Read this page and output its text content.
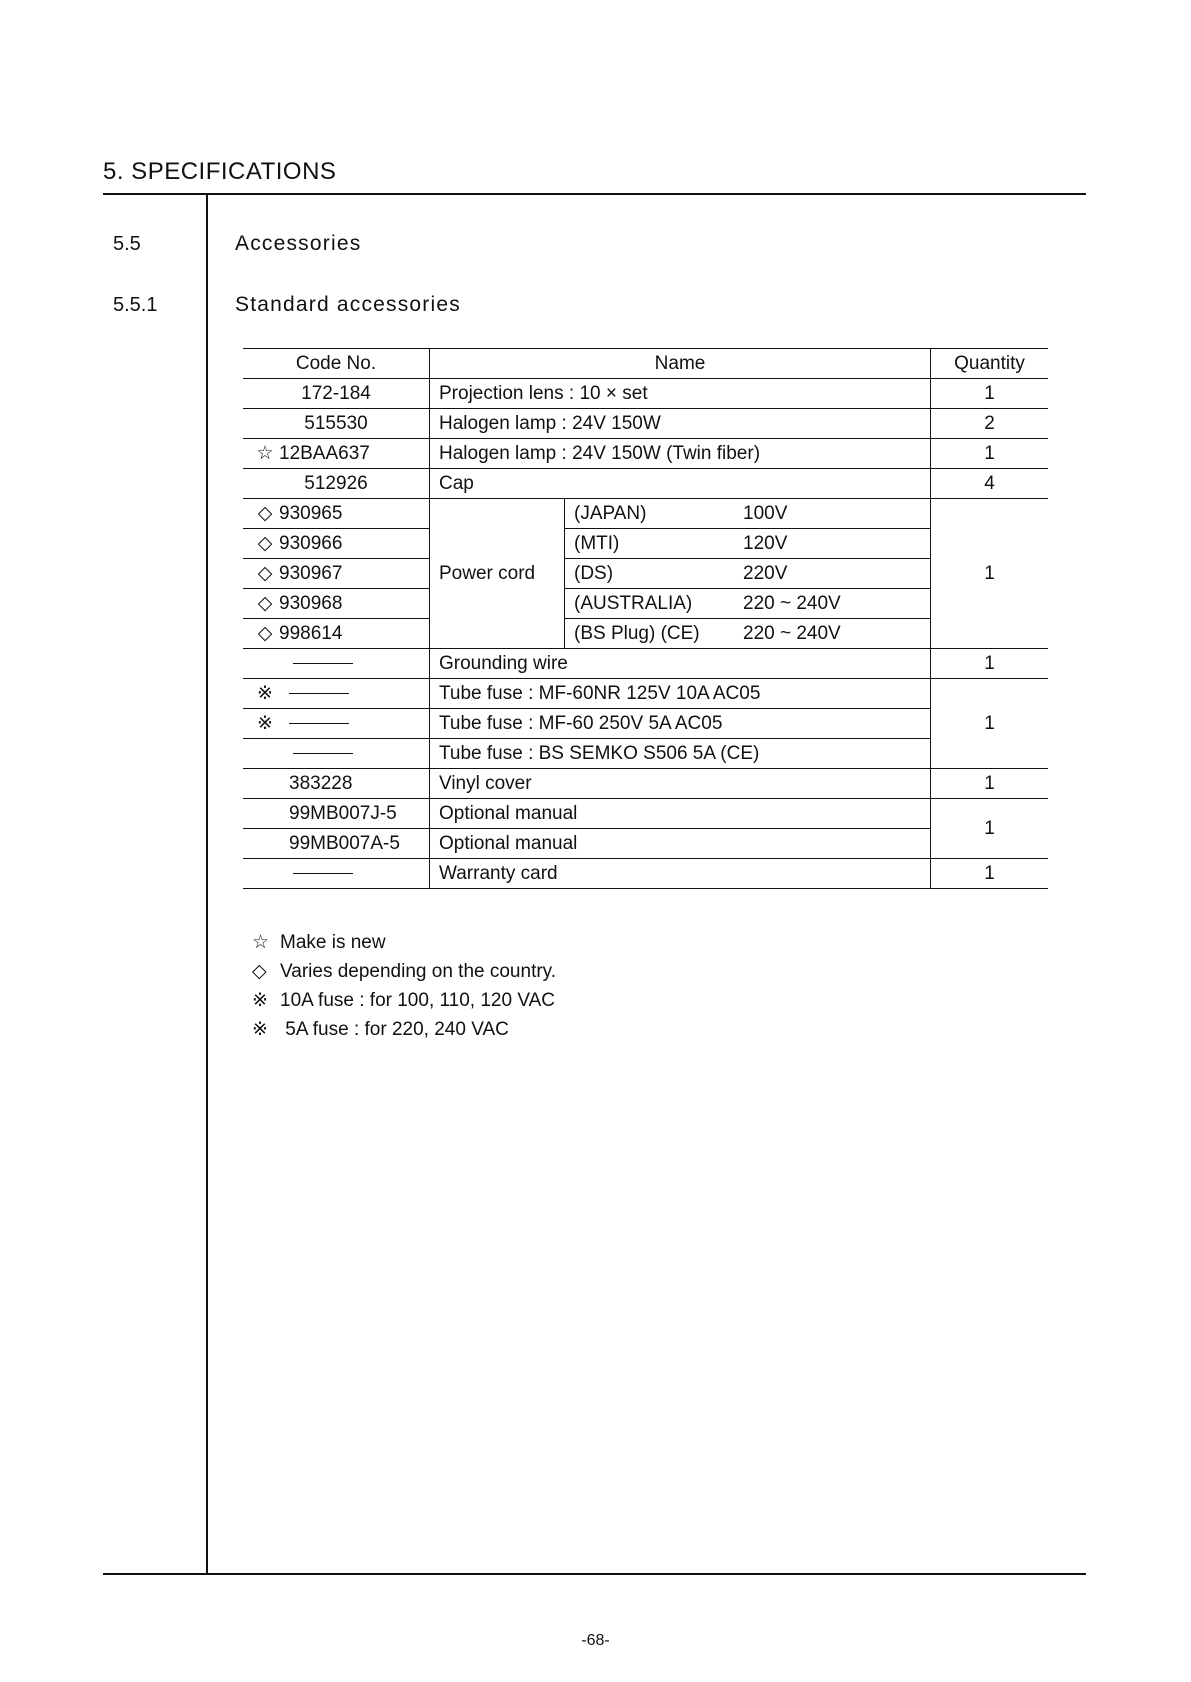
5. SPECIFICATIONS
5.5	Accessories
5.5.1	Standard accessories
Code No.	Name			Quantity

172-184	Projection lens : 10 × set			1

515530	Halogen lamp : 24V 150W			2
☆ 12BAA637	Halogen lamp : 24V 150W (Twin fiber)			1

512926	Cap			4
◇ 930965	Power cord	(JAPAN)	100V	1
◇ 930966		(MTI)	120V	
◇ 930967		(DS)	220V	
◇ 930968		(AUSTRALIA)	220 ~ 240V	
◇ 998614		(BS Plug) (CE)	220 ~ 240V	
	Grounding wire			1
※	Tube fuse : MF-60NR 125V 10A AC05			1
※	Tube fuse : MF-60 250V 5A AC05			
	Tube fuse : BS SEMKO S506 5A (CE)			
383228	Vinyl cover			1
99MB007J-5	Optional manual			1
99MB007A-5	Optional manual			
	Warranty card			1
☆ Make is new
◇ Varies depending on the country.
※ 10A fuse : for 100, 110, 120 VAC
※ 5A fuse : for 220, 240 VAC
-68-
